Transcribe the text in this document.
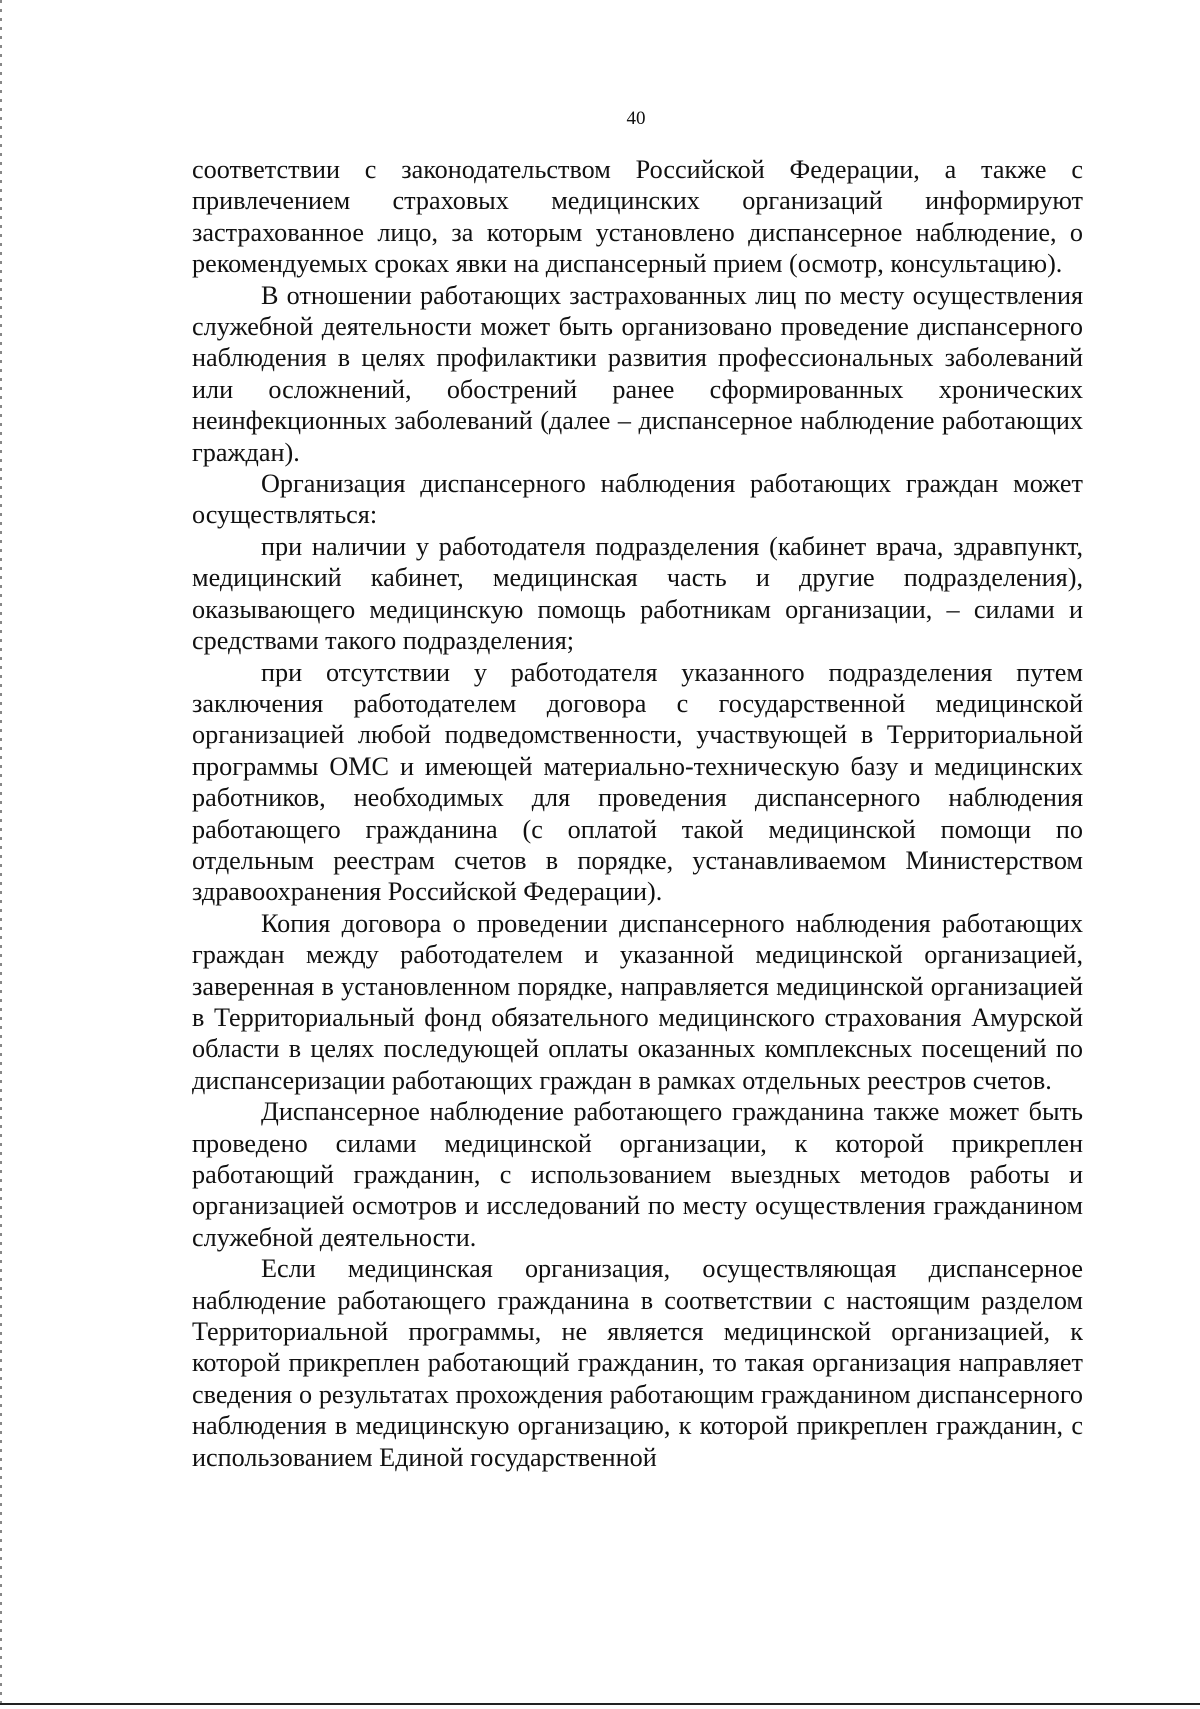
40

соответствии с законодательством Российской Федерации, а также с привлечением страховых медицинских организаций информируют застрахованное лицо, за которым установлено диспансерное наблюдение, о рекомендуемых сроках явки на диспансерный прием (осмотр, консультацию).

В отношении работающих застрахованных лиц по месту осуществления служебной деятельности может быть организовано проведение диспансерного наблюдения в целях профилактики развития профессиональных заболеваний или осложнений, обострений ранее сформированных хронических неинфекционных заболеваний (далее – диспансерное наблюдение работающих граждан).

Организация диспансерного наблюдения работающих граждан может осуществляться:

при наличии у работодателя подразделения (кабинет врача, здравпункт, медицинский кабинет, медицинская часть и другие подразделения), оказывающего медицинскую помощь работникам организации, – силами и средствами такого подразделения;

при отсутствии у работодателя указанного подразделения путем заключения работодателем договора с государственной медицинской организацией любой подведомственности, участвующей в Территориальной программы ОМС и имеющей материально-техническую базу и медицинских работников, необходимых для проведения диспансерного наблюдения работающего гражданина (с оплатой такой медицинской помощи по отдельным реестрам счетов в порядке, устанавливаемом Министерством здравоохранения Российской Федерации).

Копия договора о проведении диспансерного наблюдения работающих граждан между работодателем и указанной медицинской организацией, заверенная в установленном порядке, направляется медицинской организацией в Территориальный фонд обязательного медицинского страхования Амурской области в целях последующей оплаты оказанных комплексных посещений по диспансеризации работающих граждан в рамках отдельных реестров счетов.

Диспансерное наблюдение работающего гражданина также может быть проведено силами медицинской организации, к которой прикреплен работающий гражданин, с использованием выездных методов работы и организацией осмотров и исследований по месту осуществления гражданином служебной деятельности.

Если медицинская организация, осуществляющая диспансерное наблюдение работающего гражданина в соответствии с настоящим разделом Территориальной программы, не является медицинской организацией, к которой прикреплен работающий гражданин, то такая организация направляет сведения о результатах прохождения работающим гражданином диспансерного наблюдения в медицинскую организацию, к которой прикреплен гражданин, с использованием Единой государственной
